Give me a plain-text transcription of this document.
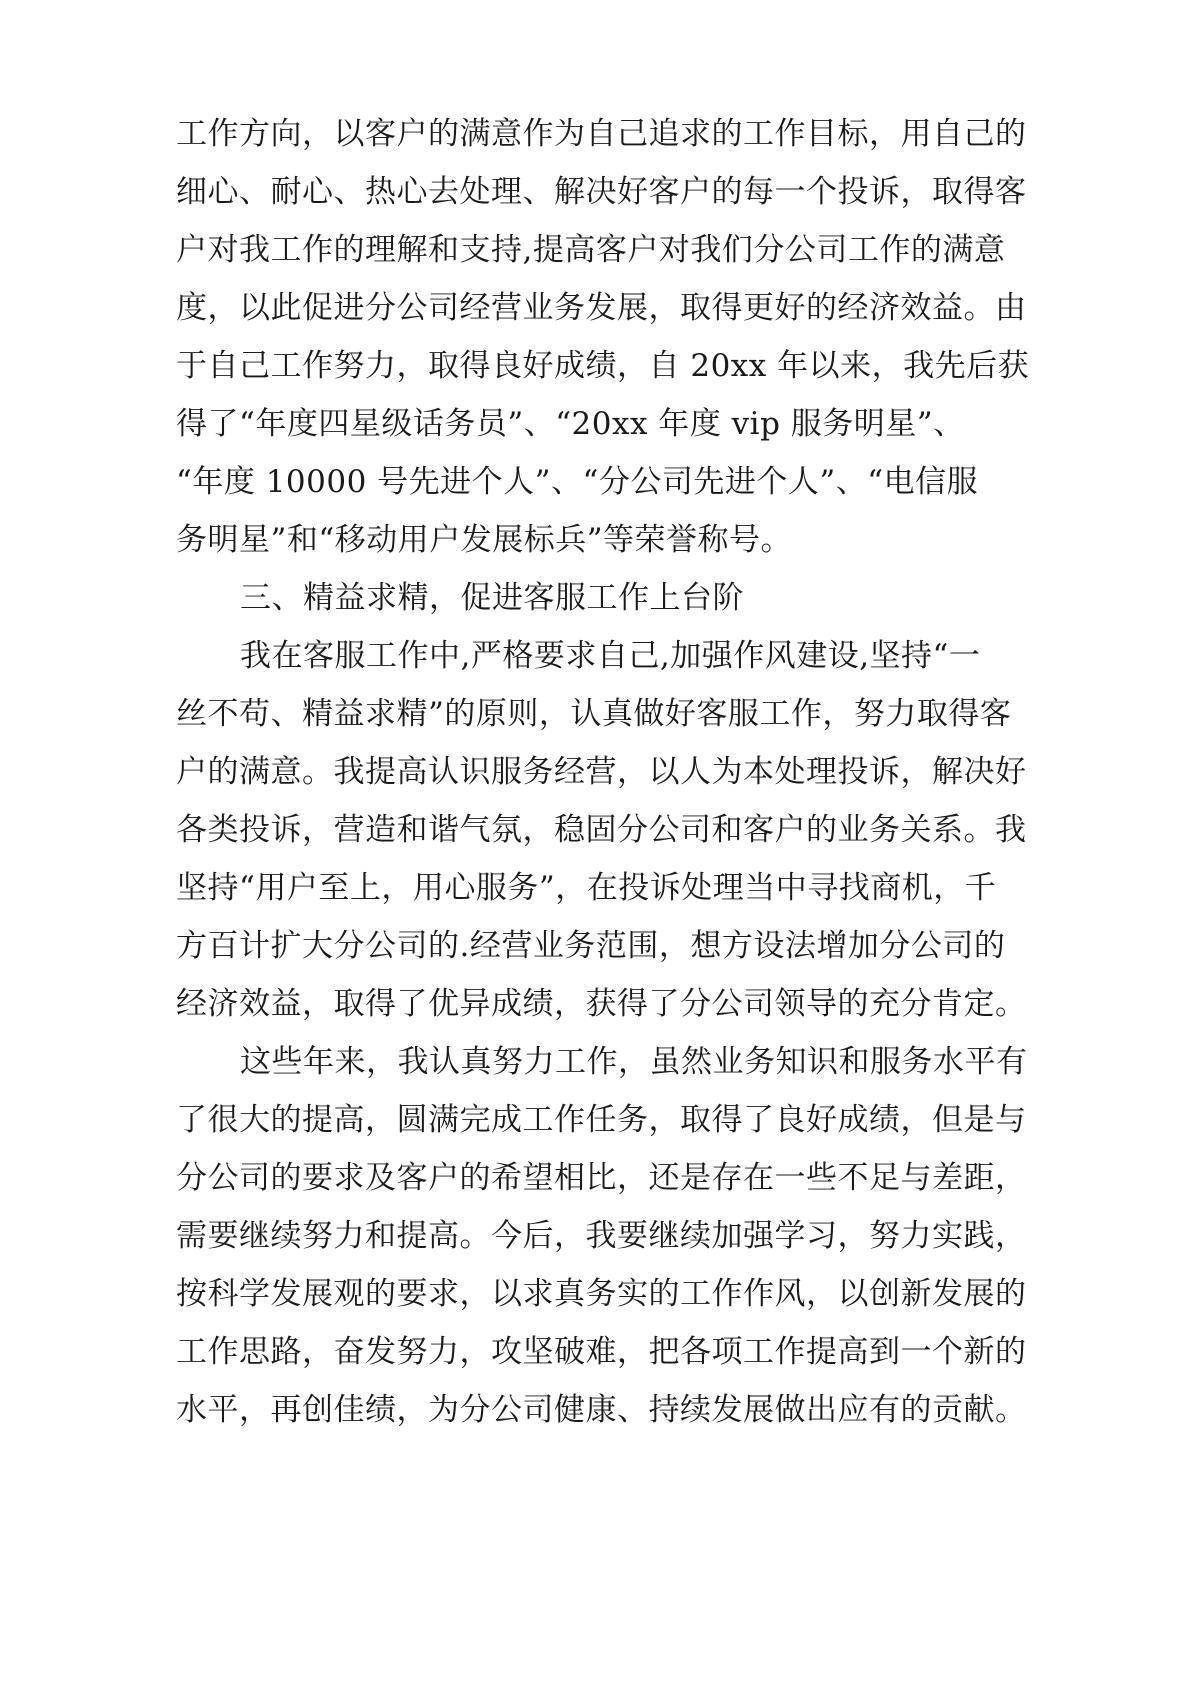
工作方向，以客户的满意作为自己追求的工作目标，用自己的

细心、耐心、热心去处理、解决好客户的每一个投诉，取得客

户对我工作的理解和支持,提高客户对我们分公司工作的满意

度，以此促进分公司经营业务发展，取得更好的经济效益。由

于自己工作努力，取得良好成绩，自 20xx 年以来，我先后获

得了“年度四星级话务员”、“20xx 年度 vip 服务明星”、

“年度 10000 号先进个人”、“分公司先进个人”、“电信服

务明星”和“移动用户发展标兵”等荣誉称号。

三、精益求精，促进客服工作上台阶

我在客服工作中,严格要求自己,加强作风建设,坚持“一

丝不苟、精益求精”的原则，认真做好客服工作，努力取得客

户的满意。我提高认识服务经营，以人为本处理投诉，解决好

各类投诉，营造和谐气氛，稳固分公司和客户的业务关系。我

坚持“用户至上，用心服务”，在投诉处理当中寻找商机，千

方百计扩大分公司的.经营业务范围，想方设法增加分公司的

经济效益，取得了优异成绩，获得了分公司领导的充分肯定。

这些年来，我认真努力工作，虽然业务知识和服务水平有

了很大的提高，圆满完成工作任务，取得了良好成绩，但是与

分公司的要求及客户的希望相比，还是存在一些不足与差距，

需要继续努力和提高。今后，我要继续加强学习，努力实践，

按科学发展观的要求，以求真务实的工作作风，以创新发展的

工作思路，奋发努力，攻坚破难，把各项工作提高到一个新的

水平，再创佳绩，为分公司健康、持续发展做出应有的贡献。
